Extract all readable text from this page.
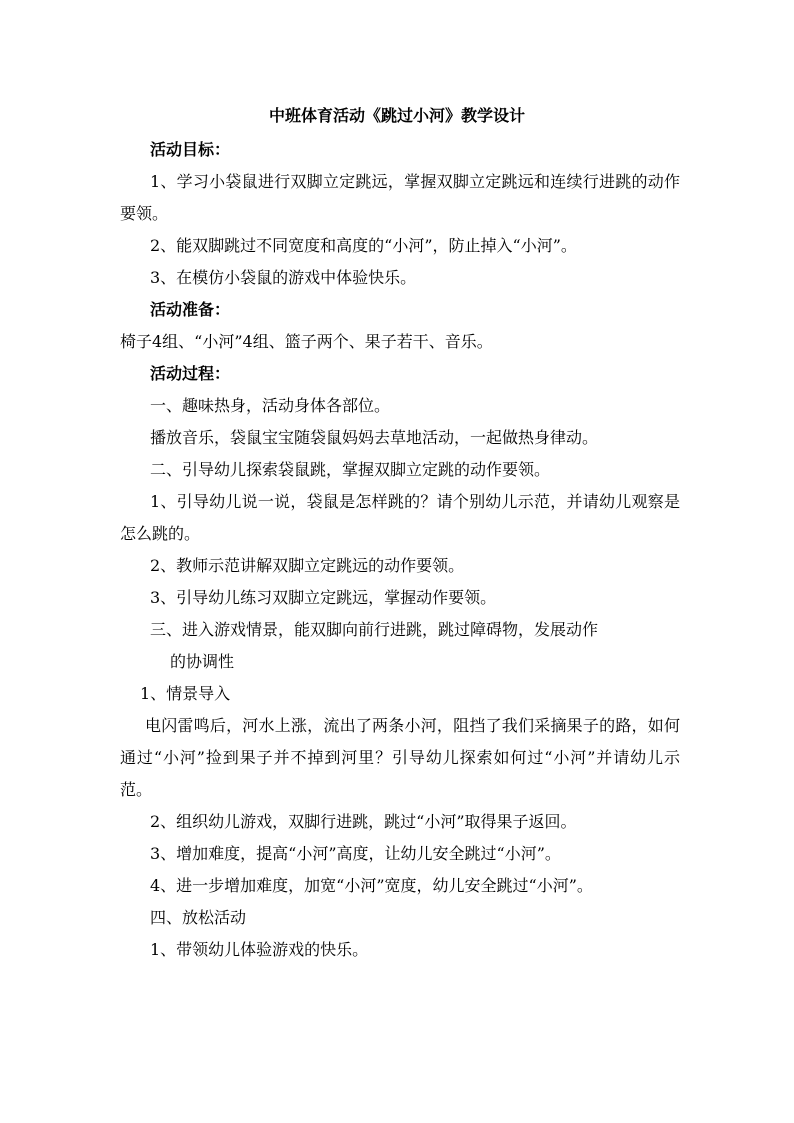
中班体育活动《跳过小河》教学设计

活动目标：

1、学习小袋鼠进行双脚立定跳远，掌握双脚立定跳远和连续行进跳的动作要领。

2、能双脚跳过不同宽度和高度的“小河”，防止掉入“小河”。

3、在模仿小袋鼠的游戏中体验快乐。

活动准备：

椅子4组、“小河”4组、篮子两个、果子若干、音乐。

活动过程：

一、趣味热身，活动身体各部位。

播放音乐，袋鼠宝宝随袋鼠妈妈去草地活动，一起做热身律动。

二、引导幼儿探索袋鼠跳，掌握双脚立定跳的动作要领。

1、引导幼儿说一说，袋鼠是怎样跳的？请个别幼儿示范，并请幼儿观察是怎么跳的。

2、教师示范讲解双脚立定跳远的动作要领。

3、引导幼儿练习双脚立定跳远，掌握动作要领。

三、进入游戏情景，能双脚向前行进跳，跳过障碍物，发展动作
的协调性

1、情景导入

电闪雷鸣后，河水上涨，流出了两条小河，阻挡了我们采摘果子的路，如何通过“小河”捡到果子并不掉到河里？引导幼儿探索如何过“小河”并请幼儿示范。

2、组织幼儿游戏，双脚行进跳，跳过“小河”取得果子返回。

3、增加难度，提高“小河”高度，让幼儿安全跳过“小河”。

4、进一步增加难度，加宽“小河”宽度，幼儿安全跳过“小河”。

四、放松活动

1、带领幼儿体验游戏的快乐。
